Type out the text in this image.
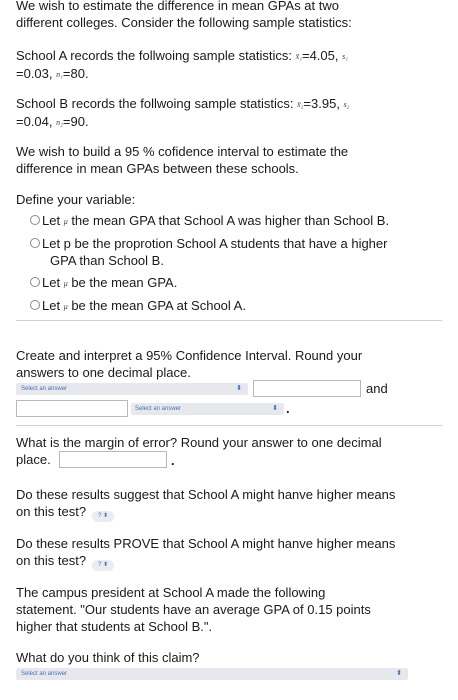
We wish to estimate the difference in mean GPAs at two
different colleges. Consider the following sample statistics:
School A records the follwoing sample statistics: x̄₁=4.05, s₁
=0.03, n₁=80.
School B records the follwoing sample statistics: x̄₂=3.95, s₂
=0.04, n₂=90.
We wish to build a 95 % cofidence interval to estimate the
difference in mean GPAs between these schools.
Define your variable:
Let μ the mean GPA that School A was higher than School B.
Let p be the proprotion School A students that have a higher
GPA than School B.
Let μ be the mean GPA.
Let μ be the mean GPA at School A.
Create and interpret a 95% Confidence Interval. Round your
answers to one decimal place.
Select an answer	⬍	and
Select an answer	⬍ .
What is the margin of error? Round your answer to one decimal
place.	.
Do these results suggest that School A might hanve higher means
on this test? ? ⬍
Do these results PROVE that School A might hanve higher means
on this test? ? ⬍
The campus president at School A made the following
statement. "Our students have an average GPA of 0.15 points
higher that students at School B.".
What do you think of this claim?
Select an answer	⬍
